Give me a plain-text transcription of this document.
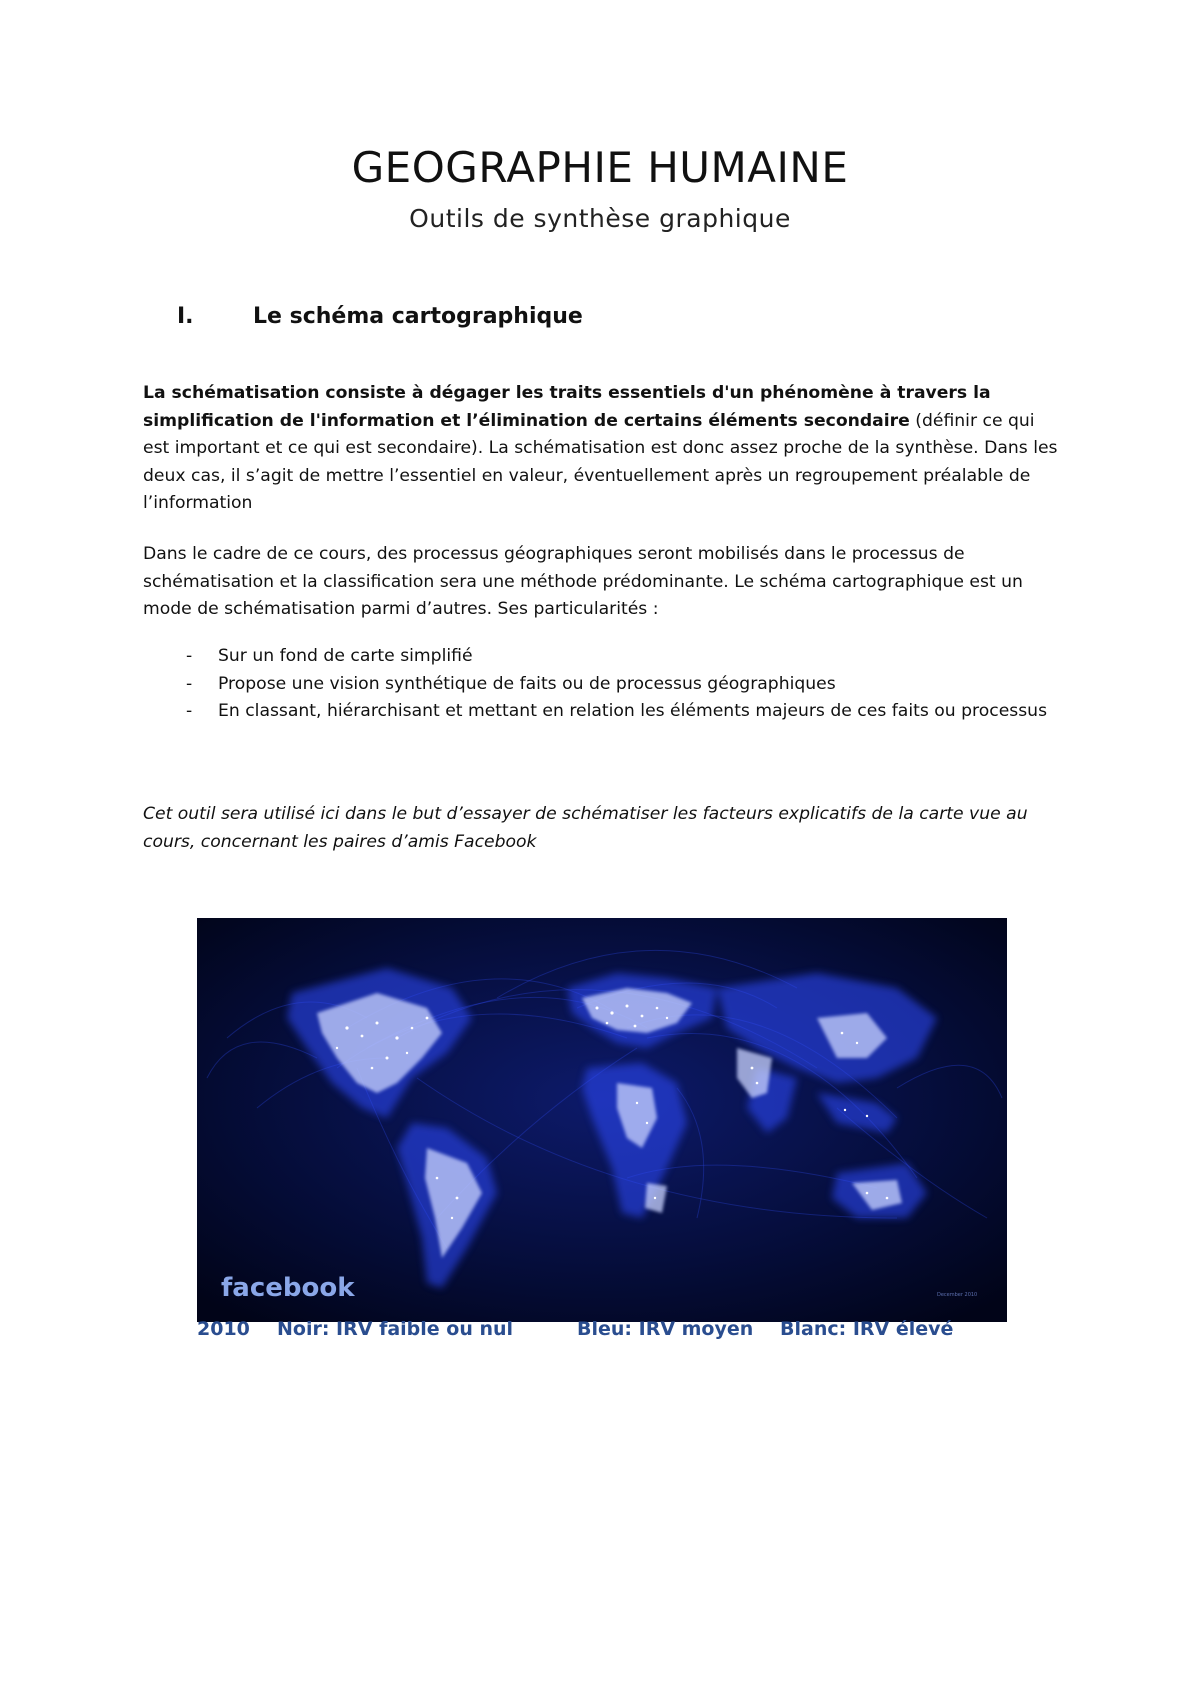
GEOGRAPHIE HUMAINE

Outils de synthèse graphique

I.	Le schéma cartographique

La schématisation consiste à dégager les traits essentiels d'un phénomène à travers la simplification de l'information et l’élimination de certains éléments secondaire (définir ce qui est important et ce qui est secondaire). La schématisation est donc assez proche de la synthèse. Dans les deux cas, il s’agit de mettre l’essentiel en valeur, éventuellement après un regroupement préalable de l’information

Dans le cadre de ce cours, des processus géographiques seront mobilisés dans le processus de schématisation et la classification sera une méthode prédominante. Le schéma cartographique est un mode de schématisation parmi d’autres. Ses particularités :

- Sur un fond de carte simplifié
- Propose une vision synthétique de faits ou de processus géographiques
- En classant, hiérarchisant et mettant en relation les éléments majeurs de ces faits ou processus

Cet outil sera utilisé ici dans le but d’essayer de schématiser les facteurs explicatifs de la carte vue au cours, concernant les paires d’amis Facebook

facebook	December 2010
2010 Noir: IRV faible ou nul	Bleu: IRV moyen Blanc: IRV élevé
